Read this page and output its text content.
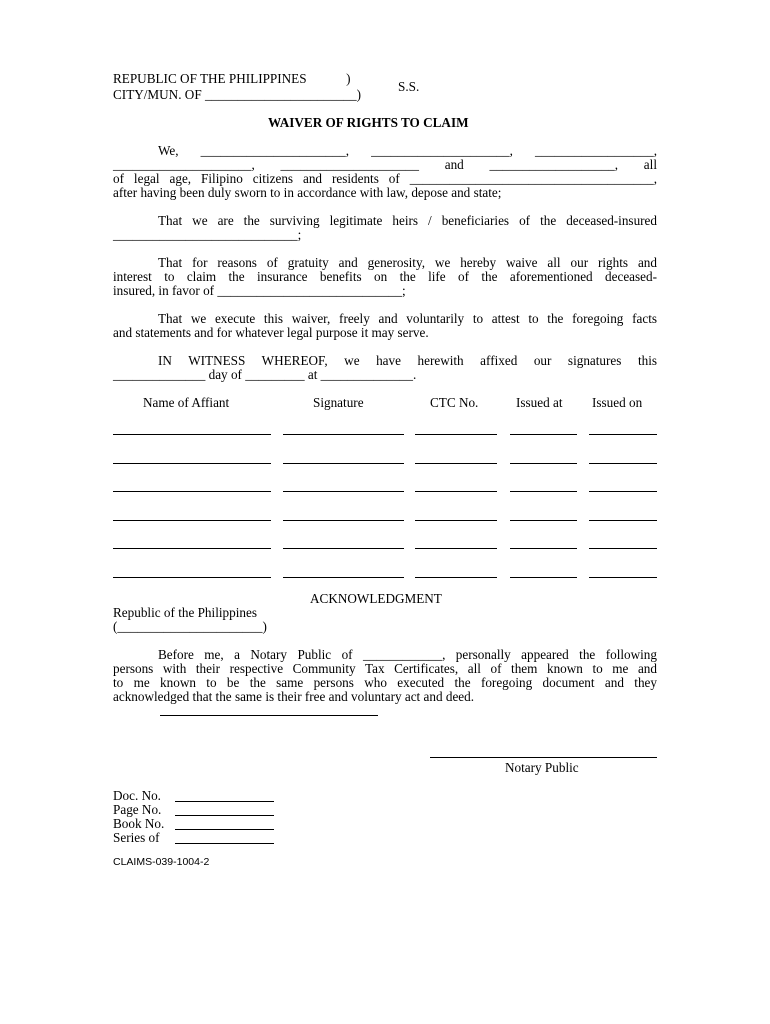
REPUBLIC OF THE PHILIPPINES            )
CITY/MUN. OF _______________________)
S.S.
WAIVER OF RIGHTS TO CLAIM
We, ______________________, _____________________, __________________,
_____________________, _____________________ and ___________________, all
of legal age, Filipino citizens and residents of _____________________________________,
after having been duly sworn to in accordance with law, depose and state;
That we are the surviving legitimate heirs / beneficiaries of the deceased-insured
____________________________;
That for reasons of gratuity and generosity, we hereby waive all our rights and
interest to claim the insurance benefits on the life of the aforementioned deceased-
insured, in favor of ____________________________;
That we execute this waiver, freely and voluntarily to attest to the foregoing facts
and statements and for whatever legal purpose it may serve.
IN WITNESS WHEREOF, we have herewith affixed our signatures this
______________ day of _________ at ______________.
Name of Affiant	Signature	CTC No.	Issued at Issued on
ACKNOWLEDGMENT
Republic of the Philippines
(______________________)
Before me, a Notary Public of ____________, personally appeared the following
persons with their respective Community Tax Certificates, all of them known to me and
to me known to be the same persons who executed the foregoing document and they
acknowledged that the same is their free and voluntary act and deed.
Notary Public
Doc. No.
Page No.
Book No.
Series of
CLAIMS-039-1004-2
